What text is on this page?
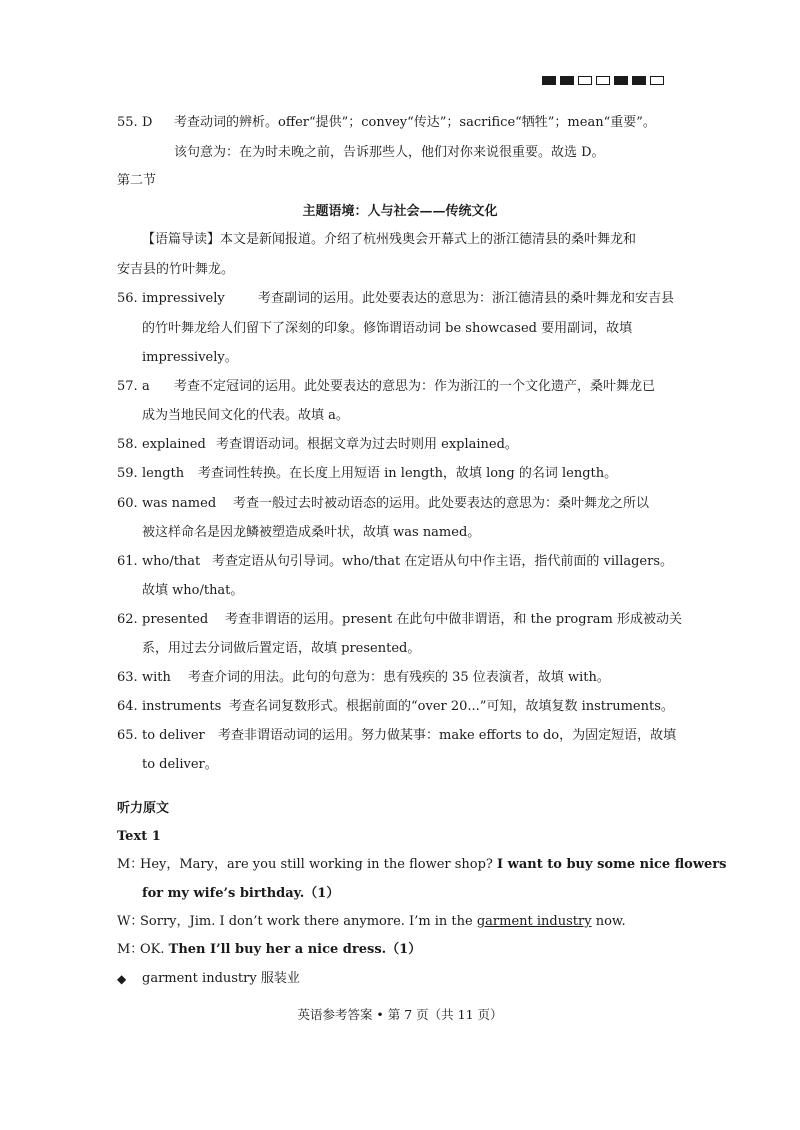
55. D 考查动词的辨析。offer“提供”；convey“传达”；sacrifice“牺牲”；mean“重要”。
该句意为：在为时未晚之前，告诉那些人，他们对你来说很重要。故选 D。
第二节
主题语境：人与社会——传统文化
【语篇导读】本文是新闻报道。介绍了杭州残奥会开幕式上的浙江德清县的桑叶舞龙和
安吉县的竹叶舞龙。
56. impressively	考查副词的运用。此处要表达的意思为：浙江德清县的桑叶舞龙和安吉县
的竹叶舞龙给人们留下了深刻的印象。修饰谓语动词 be showcased 要用副词，故填
impressively。
57. a 考查不定冠词的运用。此处要表达的意思为：作为浙江的一个文化遗产，桑叶舞龙已
成为当地民间文化的代表。故填 a。
58. explained 考查谓语动词。根据文章为过去时则用 explained。
59. length 考查词性转换。在长度上用短语 in length，故填 long 的名词 length。
60. was named 考查一般过去时被动语态的运用。此处要表达的意思为：桑叶舞龙之所以
被这样命名是因龙鳞被塑造成桑叶状，故填 was named。
61. who/that 考查定语从句引导词。who/that 在定语从句中作主语，指代前面的 villagers。
故填 who/that。
62. presented 考查非谓语的运用。present 在此句中做非谓语，和 the program 形成被动关
系，用过去分词做后置定语，故填 presented。
63. with 考查介词的用法。此句的句意为：患有残疾的 35 位表演者，故填 with。
64. instruments 考查名词复数形式。根据前面的“over 20...”可知，故填复数 instruments。
65. to deliver 考查非谓语动词的运用。努力做某事：make efforts to do，为固定短语，故填
to deliver。
听力原文
Text 1
M：
Hey，Mary，are you still working in the flower shop? I want to buy some nice flowers
for my wife’s birthday.（1）
W：
Sorry，Jim. I don’t work there anymore. I’m in the garment industry now.
M：
OK. Then I’ll buy her a nice dress.（1）
◆ garment industry 服装业
英语参考答案 • 第 7 页（共 11 页）
